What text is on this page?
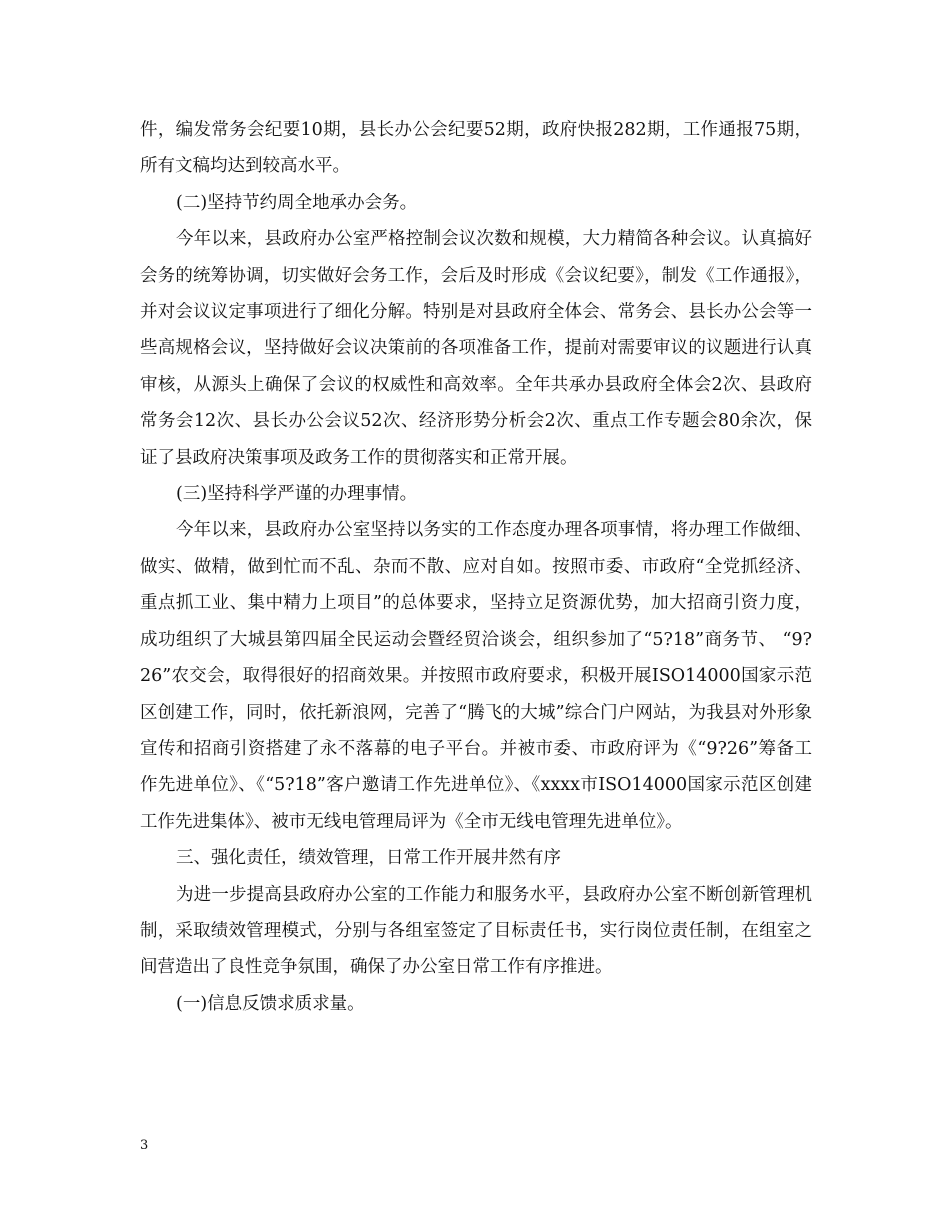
件，编发常务会纪要10期，县长办公会纪要52期，政府快报282期，工作通报75期，所有文稿均达到较高水平。

(二)坚持节约周全地承办会务。

今年以来，县政府办公室严格控制会议次数和规模，大力精简各种会议。认真搞好会务的统筹协调，切实做好会务工作，会后及时形成《会议纪要》，制发《工作通报》，并对会议议定事项进行了细化分解。特别是对县政府全体会、常务会、县长办公会等一些高规格会议，坚持做好会议决策前的各项准备工作，提前对需要审议的议题进行认真审核，从源头上确保了会议的权威性和高效率。全年共承办县政府全体会2次、县政府常务会12次、县长办公会议52次、经济形势分析会2次、重点工作专题会80余次，保证了县政府决策事项及政务工作的贯彻落实和正常开展。

(三)坚持科学严谨的办理事情。

今年以来，县政府办公室坚持以务实的工作态度办理各项事情，将办理工作做细、做实、做精，做到忙而不乱、杂而不散、应对自如。按照市委、市政府“全党抓经济、重点抓工业、集中精力上项目”的总体要求，坚持立足资源优势，加大招商引资力度，成功组织了大城县第四届全民运动会暨经贸洽谈会，组织参加了“5?18”商务节、 “9?26”农交会，取得很好的招商效果。并按照市政府要求，积极开展ISO14000国家示范区创建工作，同时，依托新浪网，完善了“腾飞的大城”综合门户网站，为我县对外形象宣传和招商引资搭建了永不落幕的电子平台。并被市委、市政府评为《“9?26”筹备工作先进单位》、《“5?18”客户邀请工作先进单位》、《xxxx市ISO14000国家示范区创建工作先进集体》、被市无线电管理局评为《全市无线电管理先进单位》。

三、强化责任，绩效管理，日常工作开展井然有序

为进一步提高县政府办公室的工作能力和服务水平，县政府办公室不断创新管理机制，采取绩效管理模式，分别与各组室签定了目标责任书，实行岗位责任制，在组室之间营造出了良性竞争氛围，确保了办公室日常工作有序推进。

(一)信息反馈求质求量。

3
